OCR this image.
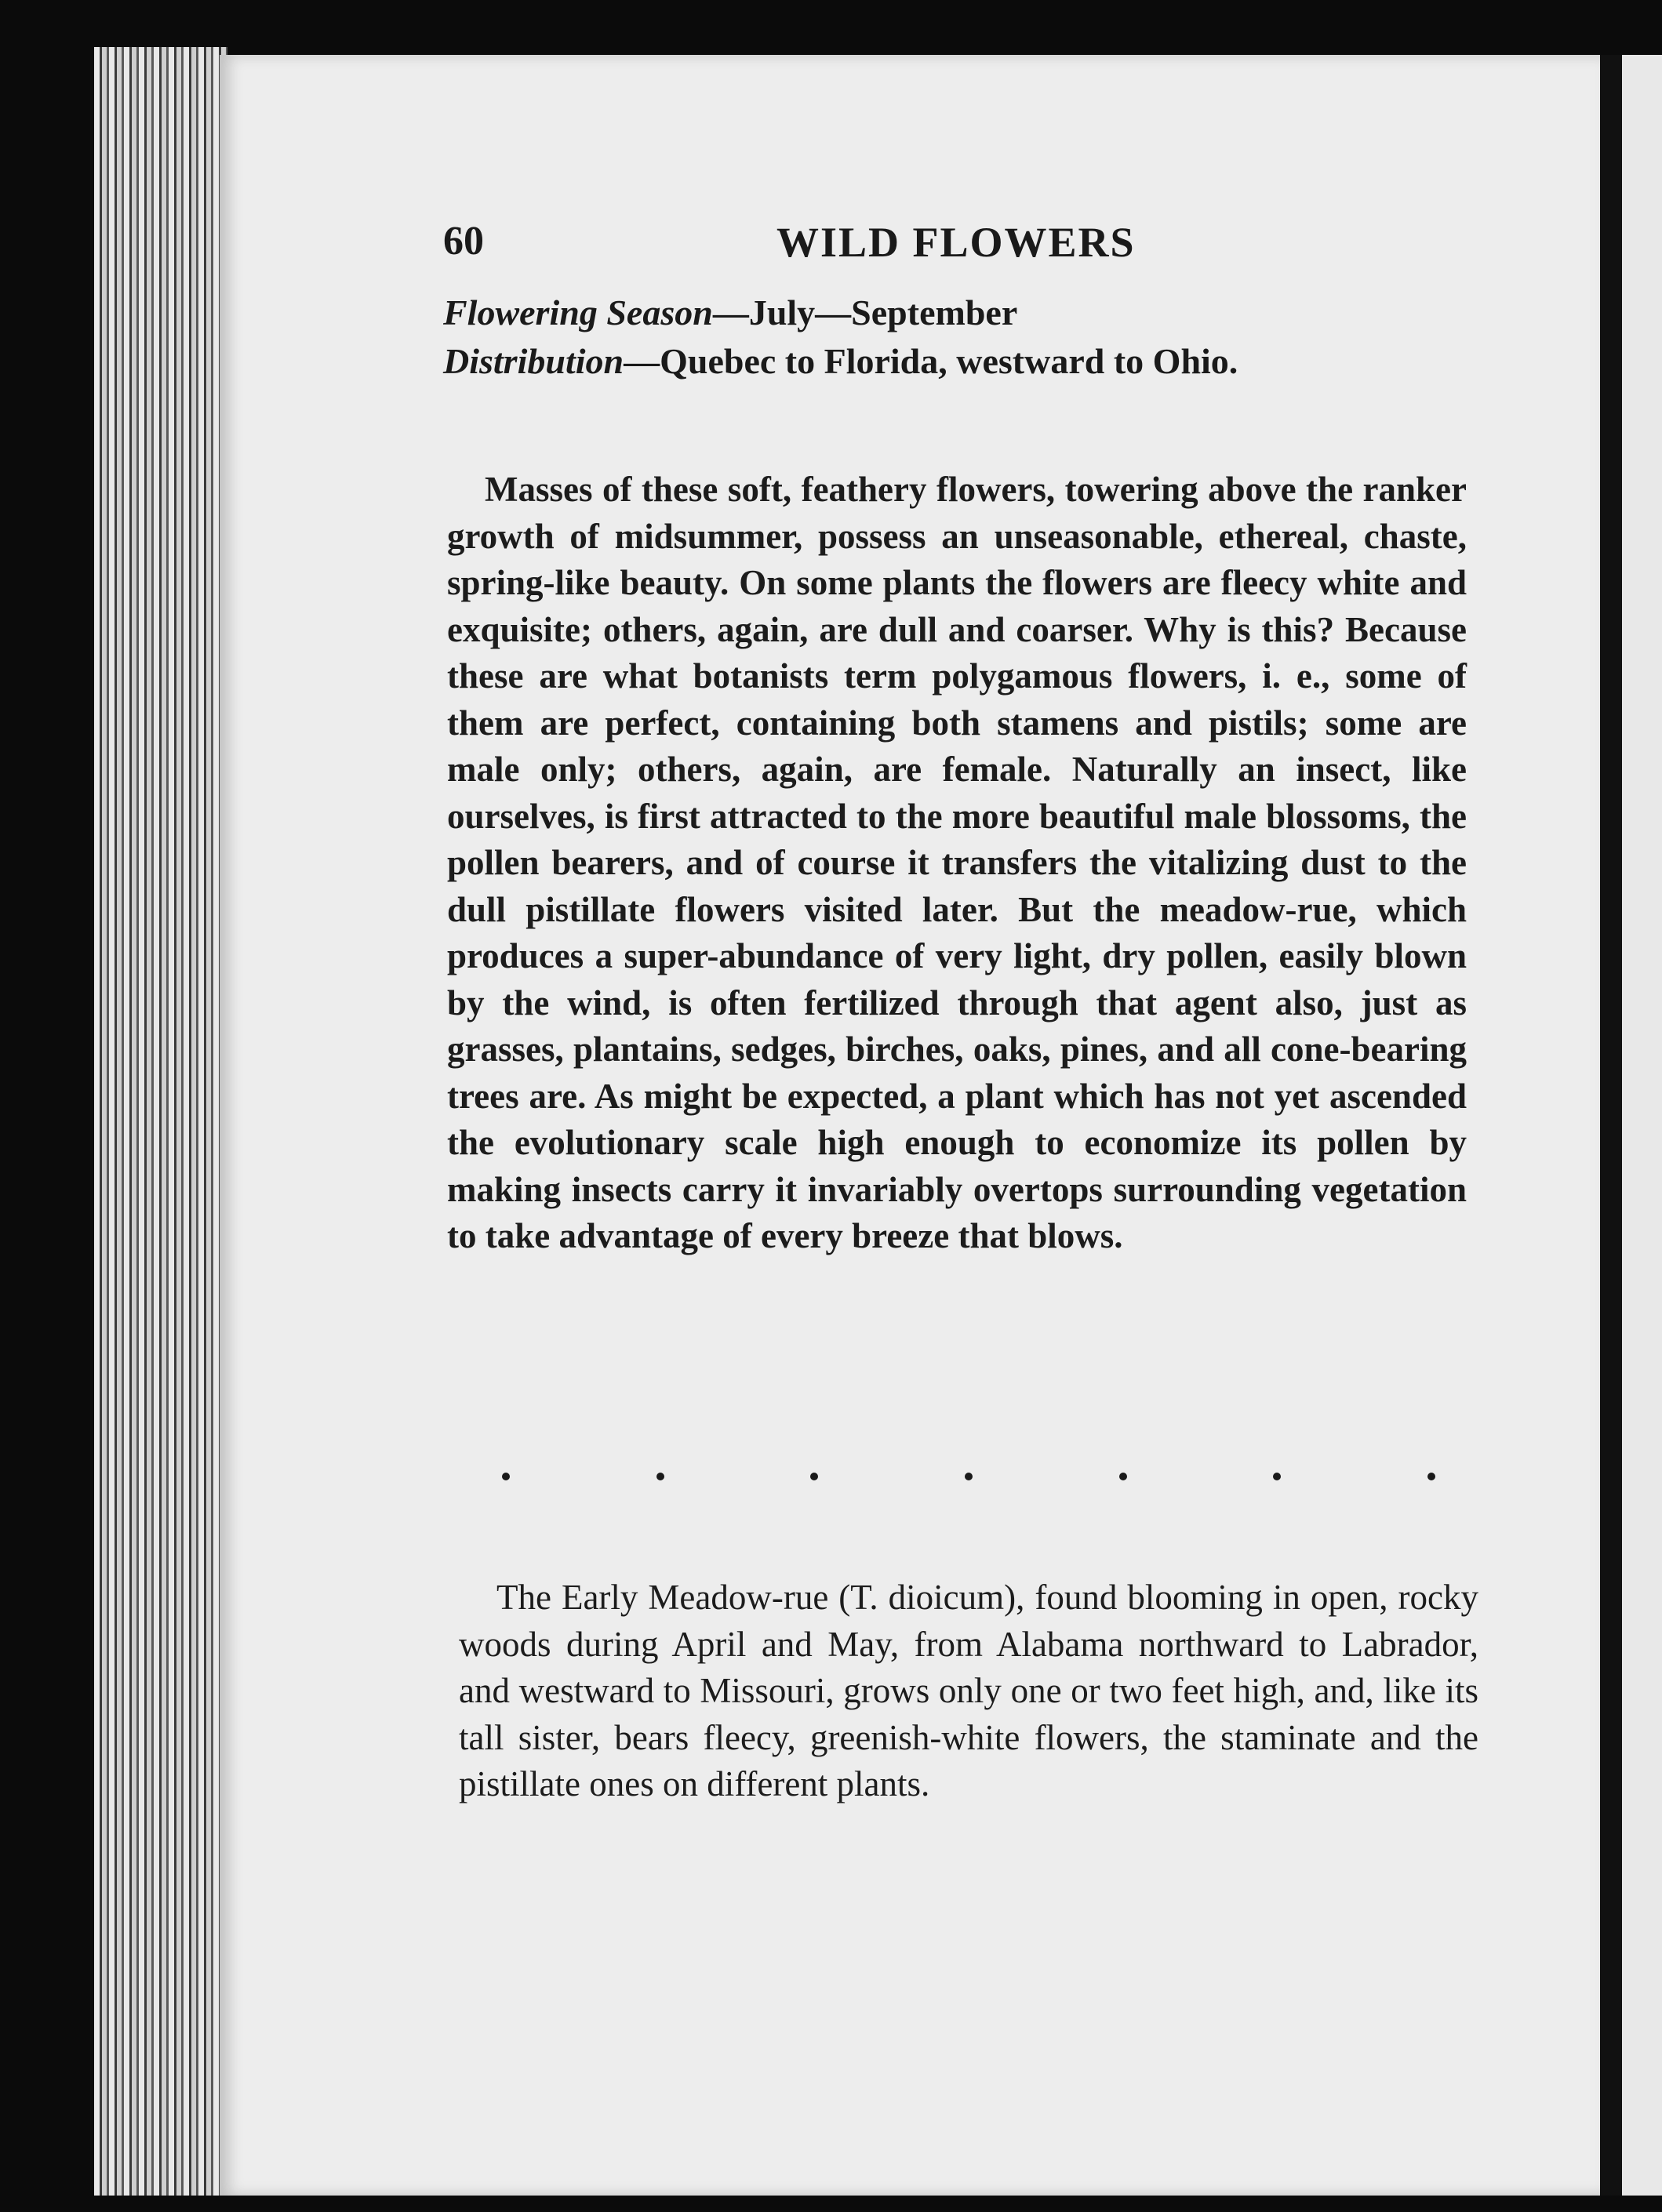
60	WILD FLOWERS
Flowering Season—July—September
Distribution—Quebec to Florida, westward to Ohio.

Masses of these soft, feathery flowers, towering above the ranker growth of midsummer, possess an unseasonable, ethereal, chaste, spring-like beauty. On some plants the flowers are fleecy white and exquisite; others, again, are dull and coarser. Why is this? Because these are what botanists term polygamous flowers, i. e., some of them are perfect, containing both stamens and pistils; some are male only; others, again, are female. Naturally an insect, like ourselves, is first attracted to the more beautiful male blossoms, the pollen bearers, and of course it transfers the vitalizing dust to the dull pistillate flowers visited later. But the meadow-rue, which produces a super-abundance of very light, dry pollen, easily blown by the wind, is often fertilized through that agent also, just as grasses, plantains, sedges, birches, oaks, pines, and all cone-bearing trees are. As might be expected, a plant which has not yet ascended the evolutionary scale high enough to economize its pollen by making insects carry it invariably overtops surrounding vegetation to take advantage of every breeze that blows.

The Early Meadow-rue (T. dioicum), found blooming in open, rocky woods during April and May, from Alabama northward to Labrador, and westward to Missouri, grows only one or two feet high, and, like its tall sister, bears fleecy, greenish-white flowers, the staminate and the pistillate ones on different plants.
